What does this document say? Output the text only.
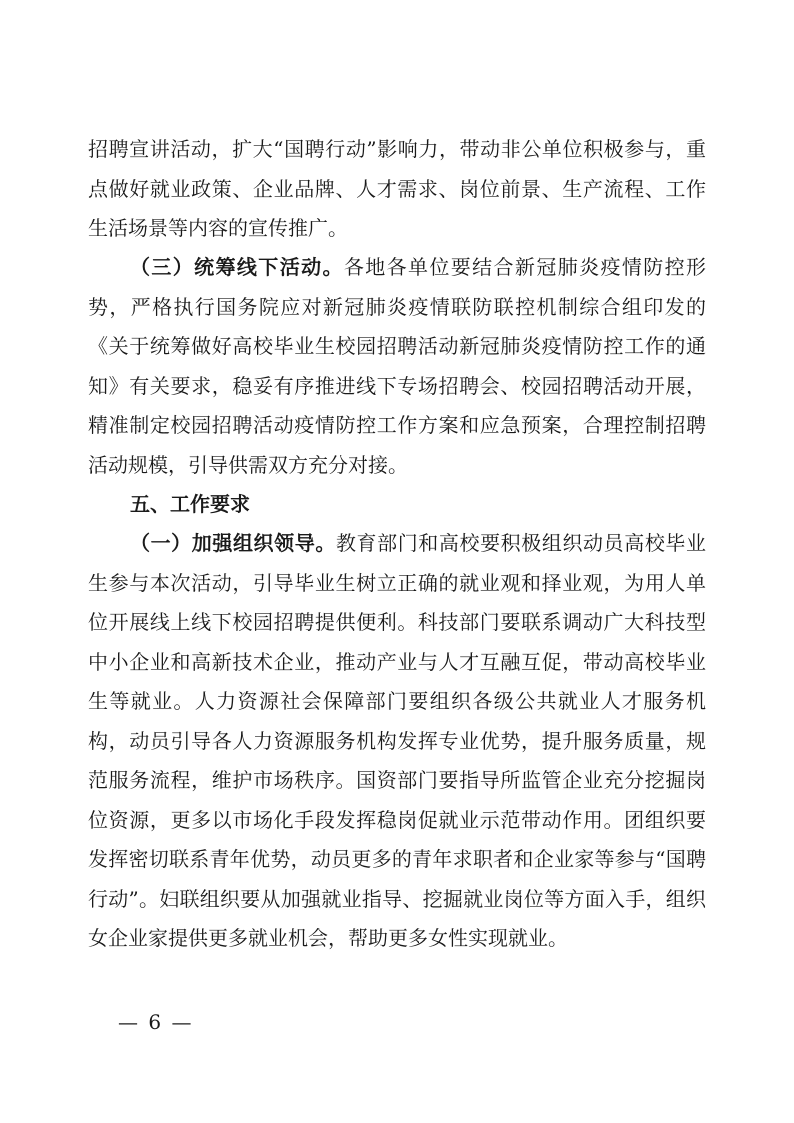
招聘宣讲活动，扩大“国聘行动”影响力，带动非公单位积极参与，重点做好就业政策、企业品牌、人才需求、岗位前景、生产流程、工作生活场景等内容的宣传推广。

（三）统筹线下活动。各地各单位要结合新冠肺炎疫情防控形势，严格执行国务院应对新冠肺炎疫情联防联控机制综合组印发的《关于统筹做好高校毕业生校园招聘活动新冠肺炎疫情防控工作的通知》有关要求，稳妥有序推进线下专场招聘会、校园招聘活动开展，精准制定校园招聘活动疫情防控工作方案和应急预案，合理控制招聘活动规模，引导供需双方充分对接。

五、工作要求

（一）加强组织领导。教育部门和高校要积极组织动员高校毕业生参与本次活动，引导毕业生树立正确的就业观和择业观，为用人单位开展线上线下校园招聘提供便利。科技部门要联系调动广大科技型中小企业和高新技术企业，推动产业与人才互融互促，带动高校毕业生等就业。人力资源社会保障部门要组织各级公共就业人才服务机构，动员引导各人力资源服务机构发挥专业优势，提升服务质量，规范服务流程，维护市场秩序。国资部门要指导所监管企业充分挖掘岗位资源，更多以市场化手段发挥稳岗促就业示范带动作用。团组织要发挥密切联系青年优势，动员更多的青年求职者和企业家等参与“国聘行动”。妇联组织要从加强就业指导、挖掘就业岗位等方面入手，组织女企业家提供更多就业机会，帮助更多女性实现就业。

— 6 —
